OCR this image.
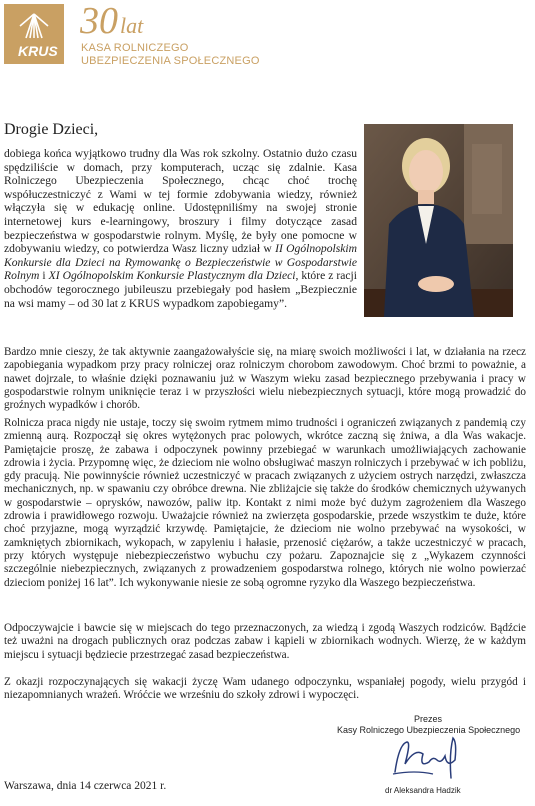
KRUS
30lat
KASA ROLNICZEGO
UBEZPIECZENIA SPOŁECZNEGO
Drogie Dzieci,

dobiega końca wyjątkowo trudny dla Was rok szkolny. Ostatnio dużo czasu spędziliście w domach, przy komputerach, ucząc się zdalnie. Kasa Rolniczego Ubezpieczenia Społecznego, chcąc choć trochę współuczestniczyć z Wami w tej formie zdobywania wiedzy, również włączyła się w edukację online. Udostępniliśmy na swojej stronie internetowej kurs e-learningowy, broszury i filmy dotyczące zasad bezpieczeństwa w gospodarstwie rolnym. Myślę, że były one pomocne w zdobywaniu wiedzy, co potwierdza Wasz liczny udział w II Ogólnopolskim Konkursie dla Dzieci na Rymowankę o Bezpieczeństwie w Gospodarstwie Rolnym i XI Ogólnopolskim Konkursie Plastycznym dla Dzieci, które z racji obchodów tegorocznego jubileuszu przebiegały pod hasłem „Bezpiecznie na wsi mamy – od 30 lat z KRUS wypadkom zapobiegamy”.

Bardzo mnie cieszy, że tak aktywnie zaangażowałyście się, na miarę swoich możliwości i lat, w działania na rzecz zapobiegania wypadkom przy pracy rolniczej oraz rolniczym chorobom zawodowym. Choć brzmi to poważnie, a nawet dojrzale, to właśnie dzięki poznawaniu już w Waszym wieku zasad bezpiecznego przebywania i pracy w gospodarstwie rolnym uniknięcie teraz i w przyszłości wielu niebezpiecznych sytuacji, które mogą prowadzić do groźnych wypadków i chorób.

Rolnicza praca nigdy nie ustaje, toczy się swoim rytmem mimo trudności i ograniczeń związanych z pandemią czy zmienną aurą. Rozpoczął się okres wytężonych prac polowych, wkrótce zaczną się żniwa, a dla Was wakacje. Pamiętajcie proszę, że zabawa i odpoczynek powinny przebiegać w warunkach umożliwiających zachowanie zdrowia i życia. Przypomnę więc, że dzieciom nie wolno obsługiwać maszyn rolniczych i przebywać w ich pobliżu, gdy pracują. Nie powinnyście również uczestniczyć w pracach związanych z użyciem ostrych narzędzi, zwłaszcza mechanicznych, np. w spawaniu czy obróbce drewna. Nie zbliżajcie się także do środków chemicznych używanych w gospodarstwie – oprysków, nawozów, paliw itp. Kontakt z nimi może być dużym zagrożeniem dla Waszego zdrowia i prawidłowego rozwoju. Uważajcie również na zwierzęta gospodarskie, przede wszystkim te duże, które choć przyjazne, mogą wyrządzić krzywdę. Pamiętajcie, że dzieciom nie wolno przebywać na wysokości, w zamkniętych zbiornikach, wykopach, w zapyleniu i hałasie, przenosić ciężarów, a także uczestniczyć w pracach, przy których występuje niebezpieczeństwo wybuchu czy pożaru. Zapoznajcie się z „Wykazem czynności szczególnie niebezpiecznych, związanych z prowadzeniem gospodarstwa rolnego, których nie wolno powierzać dzieciom poniżej 16 lat”. Ich wykonywanie niesie ze sobą ogromne ryzyko dla Waszego bezpieczeństwa.

Odpoczywajcie i bawcie się w miejscach do tego przeznaczonych, za wiedzą i zgodą Waszych rodziców. Bądźcie też uważni na drogach publicznych oraz podczas zabaw i kąpieli w zbiornikach wodnych. Wierzę, że w każdym miejscu i sytuacji będziecie przestrzegać zasad bezpieczeństwa.

Z okazji rozpoczynających się wakacji życzę Wam udanego odpoczynku, wspaniałej pogody, wielu przygód i niezapomnianych wrażeń. Wróćcie we wrześniu do szkoły zdrowi i wypoczęci.

Prezes
Kasy Rolniczego Ubezpieczenia Społecznego
dr Aleksandra Hadzik
Warszawa, dnia 14 czerwca 2021 r.
